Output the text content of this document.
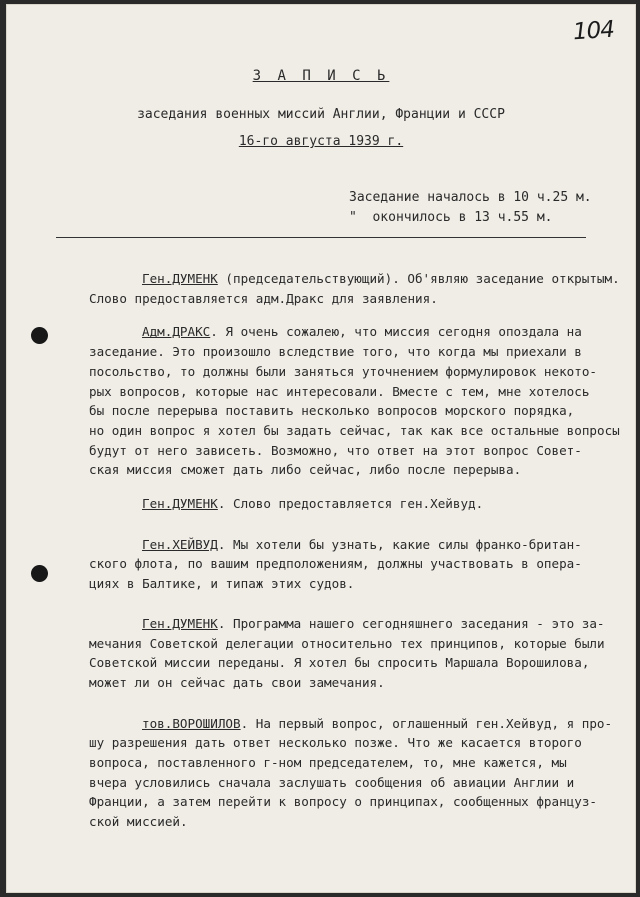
104
З А П И С Ь
заседания военных миссий Англии, Франции и СССР
16-го августа 1939 г.
Заседание началось в 10 ч.25 м.
"  окончилось в 13 ч.55 м.
Ген.ДУМЕНК (председательствующий). Об'являю заседание открытым.
Слово предоставляется адм.Дракс для заявления.
Адм.ДРАКС. Я очень сожалею, что миссия сегодня опоздала на
заседание. Это произошло вследствие того, что когда мы приехали в
посольство, то должны были заняться уточнением формулировок некото-
рых вопросов, которые нас интересовали. Вместе с тем, мне хотелось
бы после перерыва поставить несколько вопросов морского порядка,
но один вопрос я хотел бы задать сейчас, так как все остальные вопросы
будут от него зависеть. Возможно, что ответ на этот вопрос Совет-
ская миссия сможет дать либо сейчас, либо после перерыва.
Ген.ДУМЕНК. Слово предоставляется ген.Хейвуд.
Ген.ХЕЙВУД. Мы хотели бы узнать, какие силы франко-британ-
ского флота, по вашим предположениям, должны участвовать в опера-
циях в Балтике, и типаж этих судов.
Ген.ДУМЕНК. Программа нашего сегодняшнего заседания - это за-
мечания Советской делегации относительно тех принципов, которые были
Советской миссии переданы. Я хотел бы спросить Маршала Ворошилова,
может ли он сейчас дать свои замечания.
тов.ВОРОШИЛОВ. На первый вопрос, оглашенный ген.Хейвуд, я про-
шу разрешения дать ответ несколько позже. Что же касается второго
вопроса, поставленного г-ном председателем, то, мне кажется, мы
вчера условились сначала заслушать сообщения об авиации Англии и
Франции, а затем перейти к вопросу о принципах, сообщенных француз-
ской миссией.
